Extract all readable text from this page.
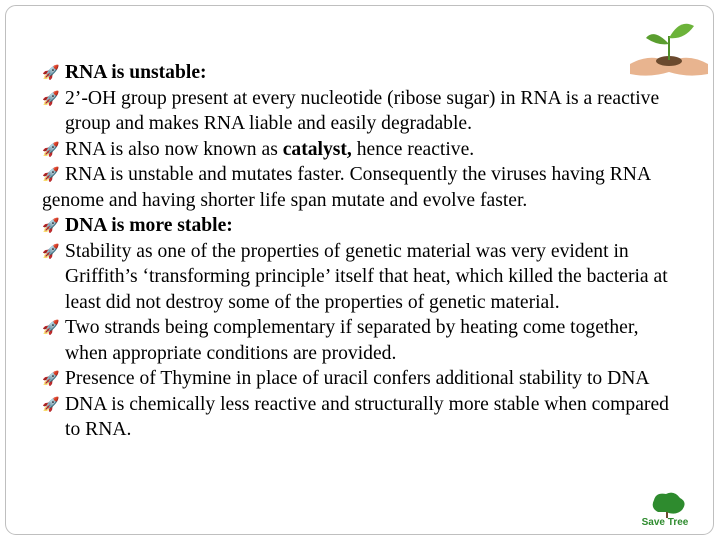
🚀 RNA is unstable:
🚀 2’-OH group present at every nucleotide (ribose sugar) in RNA is a reactive group and makes RNA liable and easily degradable.
🚀 RNA is also now known as catalyst, hence reactive.
🚀 RNA is unstable and mutates faster. Consequently the viruses having RNA
genome and having shorter life span mutate and evolve faster.
🚀 DNA is more stable:
🚀 Stability as one of the properties of genetic material was very evident in Griffith’s ‘transforming principle’ itself that heat, which killed the bacteria at least did not destroy some of the properties of genetic material.
🚀 Two strands being complementary if separated by heating come together, when appropriate conditions are provided.
🚀 Presence of Thymine in place of uracil confers additional stability to DNA
🚀 DNA is chemically less reactive and structurally more stable when compared to RNA.
Save Tree
